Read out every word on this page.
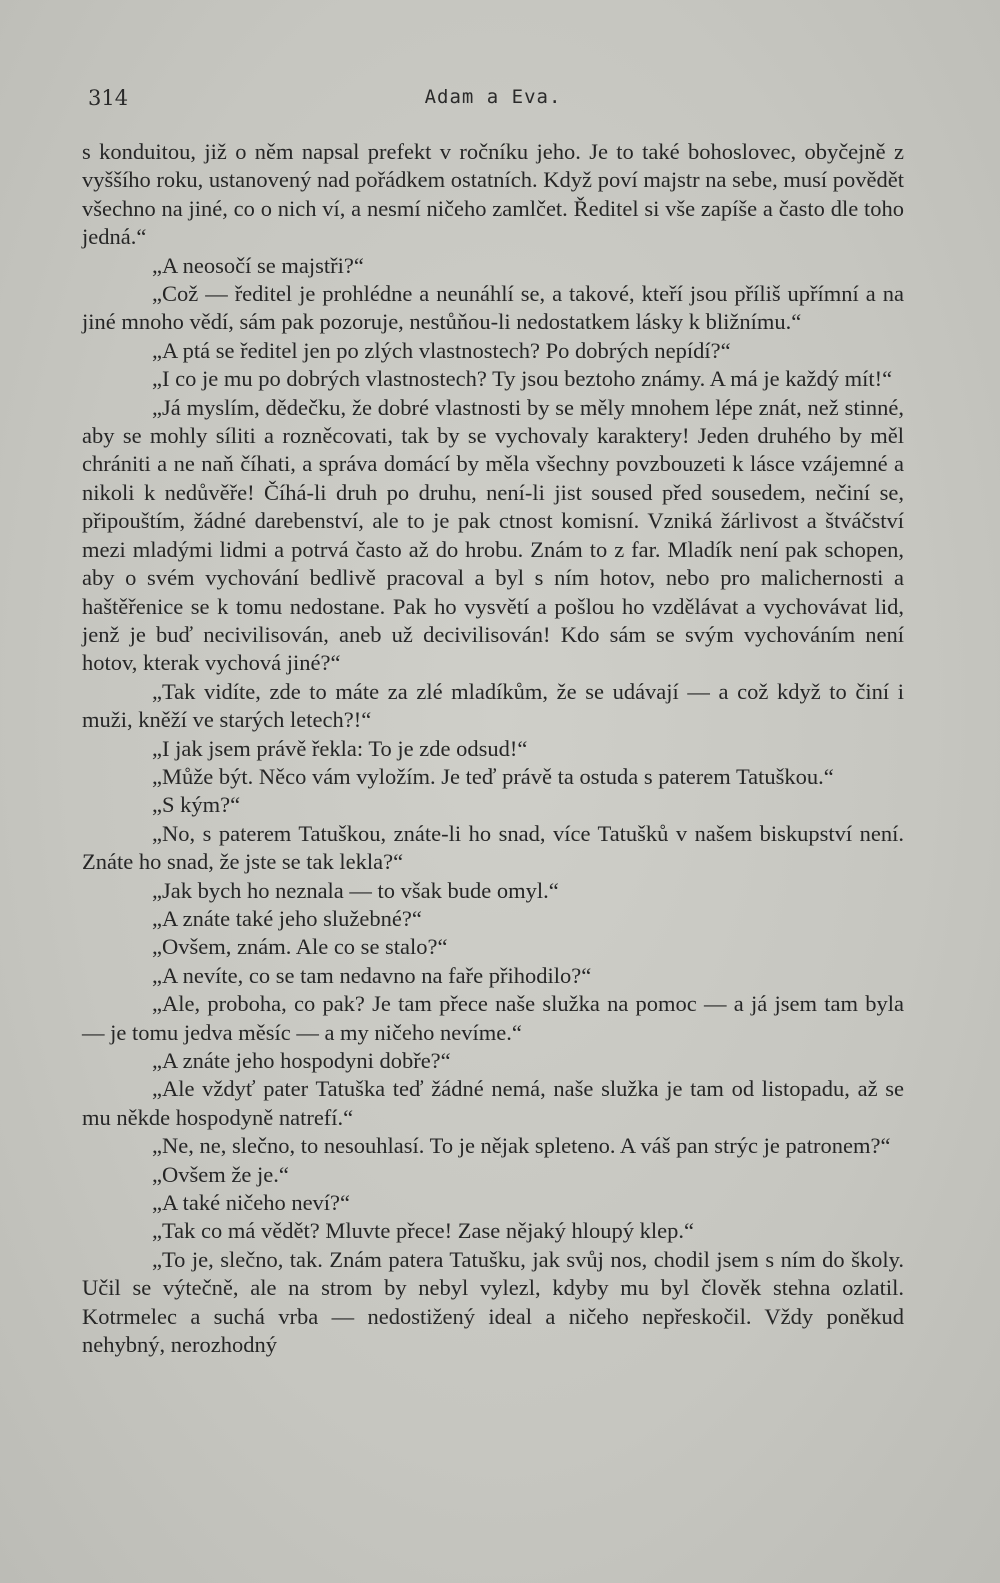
314	Adam a Eva.

s konduitou, již o něm napsal prefekt v ročníku jeho. Je to také bohoslovec, obyčejně z vyššího roku, ustanovený nad pořádkem ostatních. Když poví majstr na sebe, musí povědět všechno na jiné, co o nich ví, a nesmí ničeho zamlčet. Ředitel si vše zapíše a často dle toho jedná.“

„A neosočí se majstři?“

„Což — ředitel je prohlédne a neunáhlí se, a takové, kteří jsou příliš upřímní a na jiné mnoho vědí, sám pak pozoruje, nestůňou-li nedostatkem lásky k bližnímu.“

„A ptá se ředitel jen po zlých vlastnostech? Po dobrých nepídí?“

„I co je mu po dobrých vlastnostech? Ty jsou beztoho známy. A má je každý mít!“

„Já myslím, dědečku, že dobré vlastnosti by se měly mnohem lépe znát, než stinné, aby se mohly síliti a rozněcovati, tak by se vychovaly karaktery! Jeden druhého by měl chrániti a ne naň číhati, a správa domácí by měla všechny povzbouzeti k lásce vzájemné a nikoli k nedůvěře! Číhá-li druh po druhu, není-li jist soused před sousedem, nečiní se, připouštím, žádné darebenství, ale to je pak ctnost komisní. Vzniká žárlivost a štváčství mezi mladými lidmi a potrvá často až do hrobu. Znám to z far. Mladík není pak schopen, aby o svém vychování bedlivě pracoval a byl s ním hotov, nebo pro malichernosti a haštěřenice se k tomu nedostane. Pak ho vysvětí a pošlou ho vzdělávat a vychovávat lid, jenž je buď necivilisován, aneb už decivilisován! Kdo sám se svým vychováním není hotov, kterak vychová jiné?“

„Tak vidíte, zde to máte za zlé mladíkům, že se udávají — a což když to činí i muži, kněží ve starých letech?!“

„I jak jsem právě řekla: To je zde odsud!“

„Může být. Něco vám vyložím. Je teď právě ta ostuda s paterem Tatuškou.“

„S kým?“

„No, s paterem Tatuškou, znáte-li ho snad, více Tatušků v našem biskupství není. Znáte ho snad, že jste se tak lekla?“

„Jak bych ho neznala — to však bude omyl.“

„A znáte také jeho služebné?“

„Ovšem, znám. Ale co se stalo?“

„A nevíte, co se tam nedavno na faře přihodilo?“

„Ale, proboha, co pak? Je tam přece naše služka na pomoc — a já jsem tam byla — je tomu jedva měsíc — a my ničeho nevíme.“

„A znáte jeho hospodyni dobře?“

„Ale vždyť pater Tatuška teď žádné nemá, naše služka je tam od listopadu, až se mu někde hospodyně natrefí.“

„Ne, ne, slečno, to nesouhlasí. To je nějak spleteno. A váš pan strýc je patronem?“

„Ovšem že je.“

„A také ničeho neví?“

„Tak co má vědět? Mluvte přece! Zase nějaký hloupý klep.“

„To je, slečno, tak. Znám patera Tatušku, jak svůj nos, chodil jsem s ním do školy. Učil se výtečně, ale na strom by nebyl vylezl, kdyby mu byl člověk stehna ozlatil. Kotrmelec a suchá vrba — nedostižený ideal a ničeho nepřeskočil. Vždy poněkud nehybný, nerozhodný
